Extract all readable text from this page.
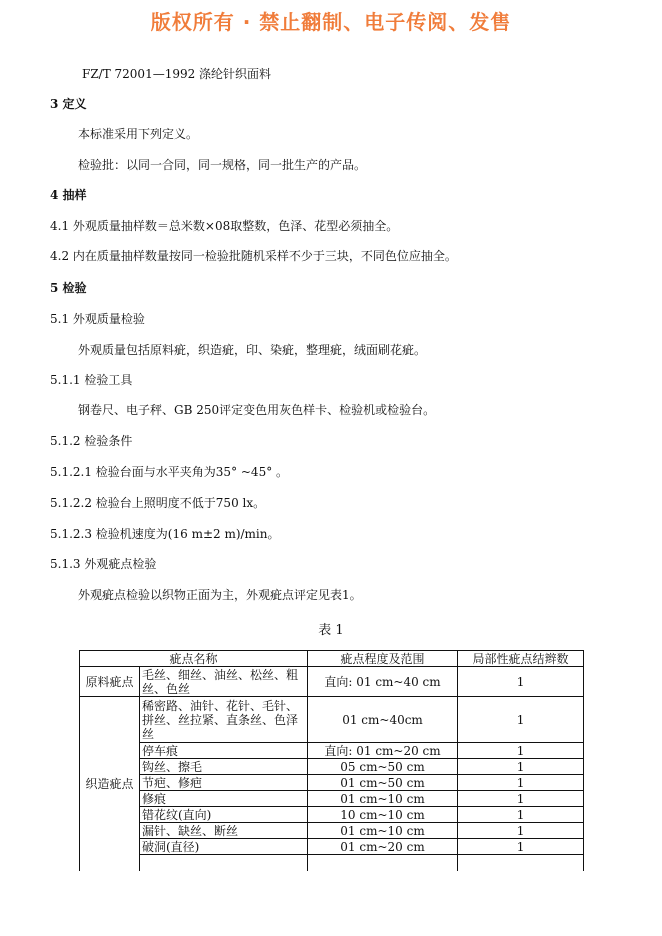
版权所有 · 禁止翻制、电子传阅、发售
FZ/T 72001—1992 涤纶针织面料
3 定义
本标准采用下列定义。
检验批：以同一合同，同一规格，同一批生产的产品。
4 抽样
4.1 外观质量抽样数＝总米数×08取整数，色泽、花型必须抽全。
4.2 内在质量抽样数量按同一检验批随机采样不少于三块，不同色位应抽全。
5 检验
5.1 外观质量检验
外观质量包括原料疵，织造疵，印、染疵，整理疵，绒面刷花疵。
5.1.1 检验工具
钢卷尺、电子秤、GB 250评定变色用灰色样卡、检验机或检验台。
5.1.2 检验条件
5.1.2.1 检验台面与水平夹角为35° ~45° 。
5.1.2.2 检验台上照明度不低于750 lx。
5.1.2.3 检验机速度为(16 m±2 m)/min。
5.1.3 外观疵点检验
外观疵点检验以织物正面为主，外观疵点评定见表1。
表 1
疵点名称		疵点程度及范围	局部性疵点结辫数
原料疵点	毛丝、细丝、油丝、松丝、粗丝、色丝	直向: 01 cm~40 cm	1
织造疵点	稀密路、油针、花针、毛针、拼丝、丝拉紧、直条丝、色泽丝	01 cm~40cm	1
	停车痕	直向: 01 cm~20 cm	1
	钩丝、擦毛	05 cm~50 cm	1
	节疤、修疤	01 cm~50 cm	1
	修痕	01 cm~10 cm	1
	错花纹(直向)	10 cm~10 cm	1
	漏针、缺丝、断丝	01 cm~10 cm	1
	破洞(直径)	01 cm~20 cm	1
